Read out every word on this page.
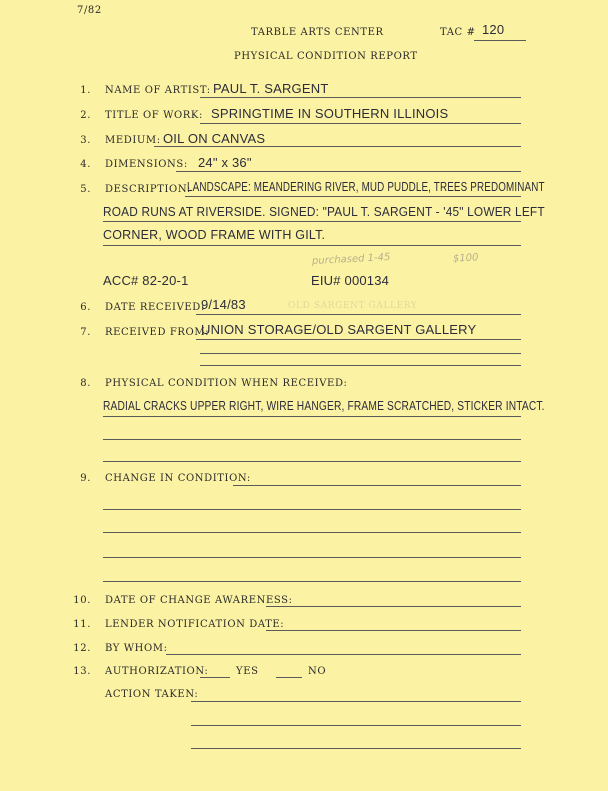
7/82
TARBLE ARTS CENTER
PHYSICAL CONDITION REPORT
TAC # 120
1. NAME OF ARTIST: PAUL T. SARGENT
2. TITLE OF WORK: SPRINGTIME IN SOUTHERN ILLINOIS
3. MEDIUM: OIL ON CANVAS
4. DIMENSIONS: 24" x 36"
5. DESCRIPTION:
LANDSCAPE: MEANDERING RIVER, MUD PUDDLE, TREES PREDOMINANT
ROAD RUNS AT RIVERSIDE. SIGNED: "PAUL T. SARGENT - '45" LOWER LEFT
CORNER, WOOD FRAME WITH GILT.
purchased 1-45	$100
ACC# 82-20-1	EIU# 000134
6. DATE RECEIVED:
9/14/83	OLD SARGENT GALLERY
7. RECEIVED FROM:
UNION STORAGE/OLD SARGENT GALLERY
8. PHYSICAL CONDITION WHEN RECEIVED:
RADIAL CRACKS UPPER RIGHT, WIRE HANGER, FRAME SCRATCHED, STICKER INTACT.
9. CHANGE IN CONDITION:
10. DATE OF CHANGE AWARENESS:
11. LENDER NOTIFICATION DATE:
12. BY WHOM:
13. AUTHORIZATION:	YES	NO
ACTION TAKEN:
